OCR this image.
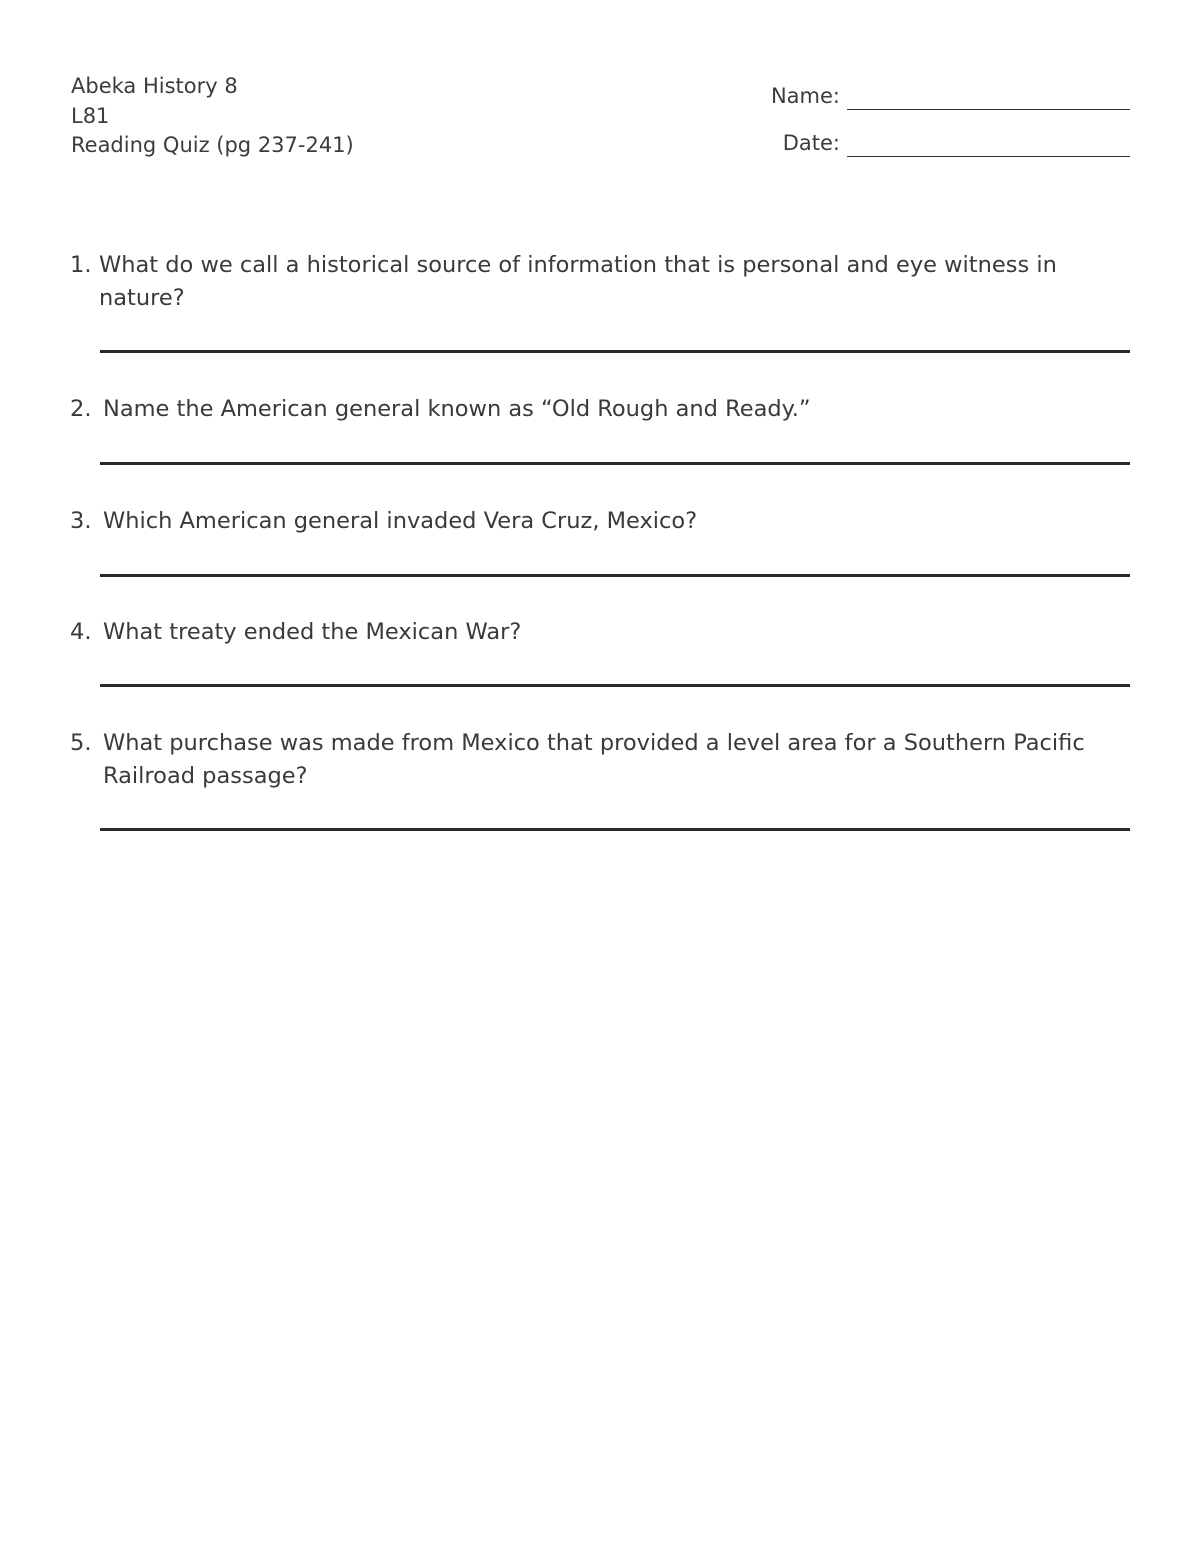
Abeka History 8
L81
Reading Quiz (pg 237-241)
Name:
Date:
1. What do we call a historical source of information that is personal and eye witness in nature?
2. Name the American general known as “Old Rough and Ready.”
3. Which American general invaded Vera Cruz, Mexico?
4. What treaty ended the Mexican War?
5. What purchase was made from Mexico that provided a level area for a Southern Pacific Railroad passage?
